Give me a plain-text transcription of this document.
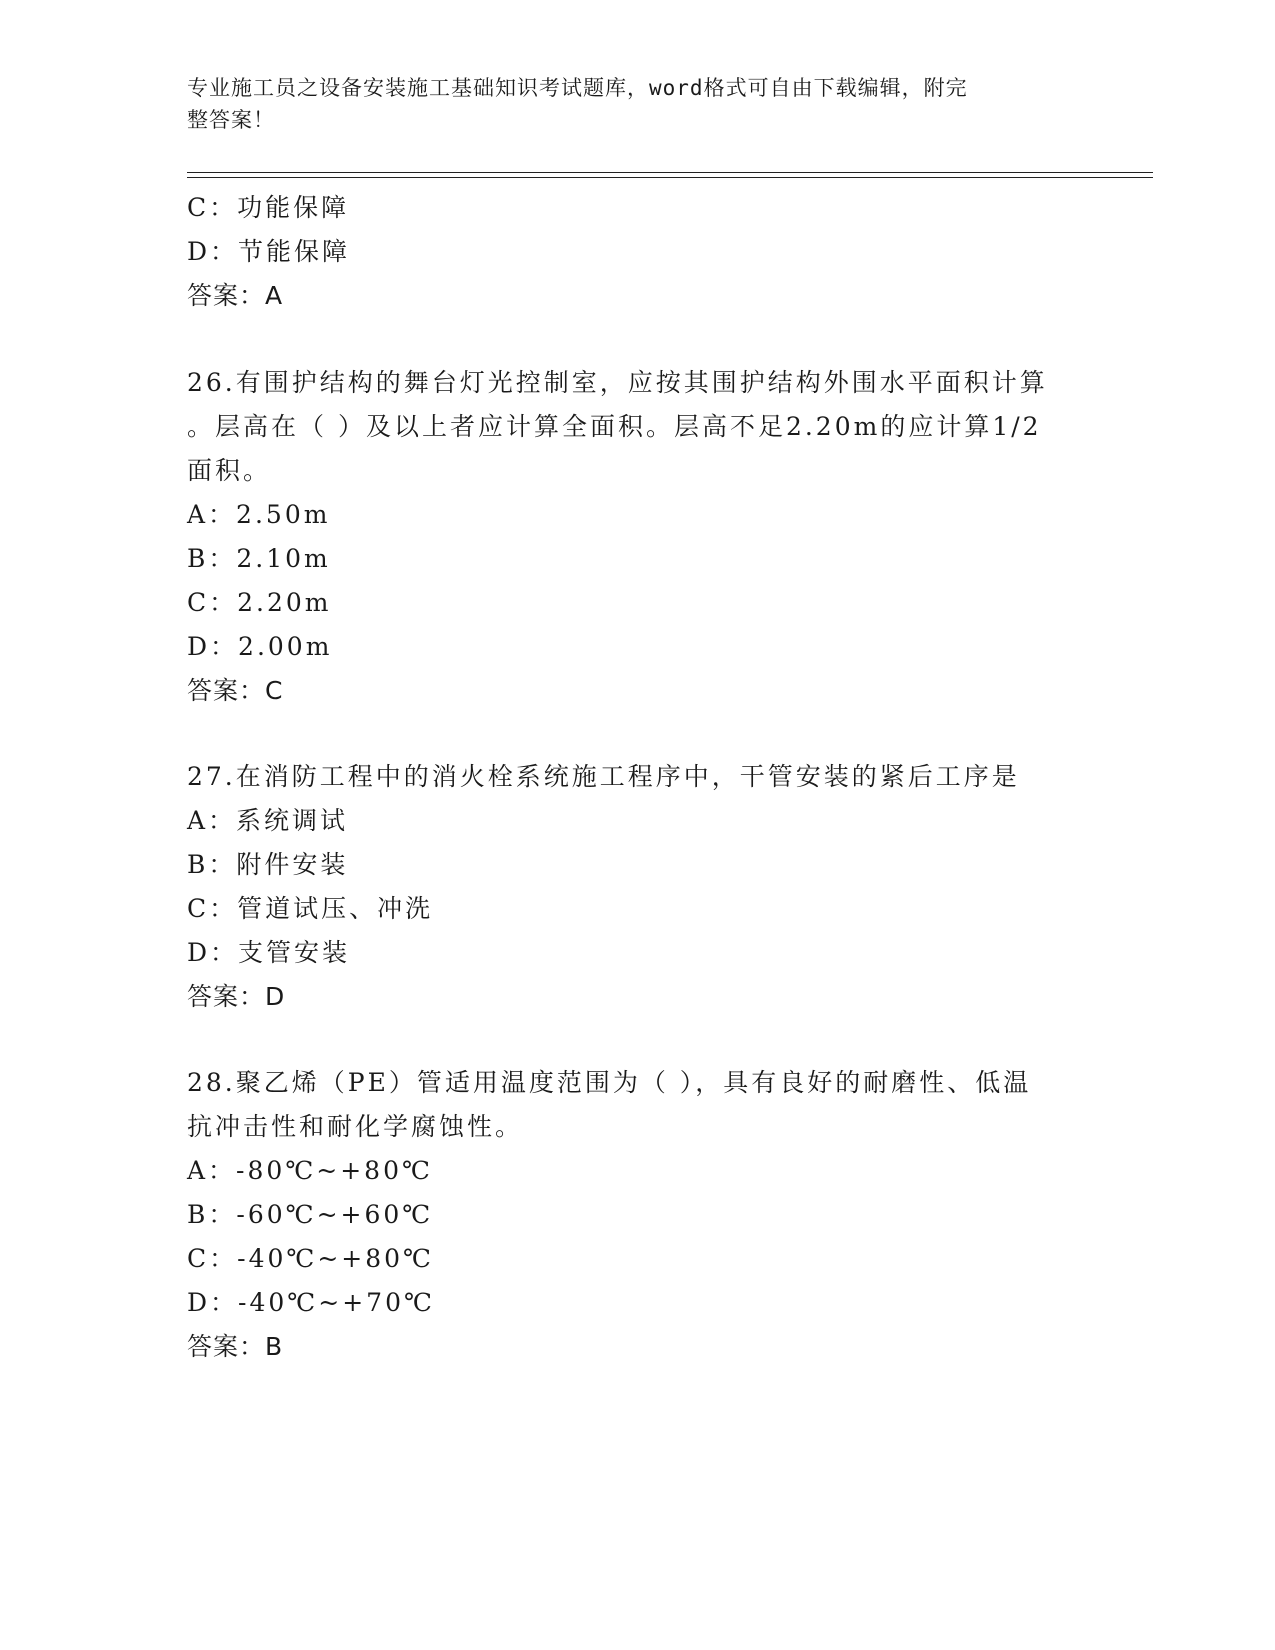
专业施工员之设备安装施工基础知识考试题库，word格式可自由下载编辑，附完
整答案！
C：功能保障
D：节能保障
答案：A
26.有围护结构的舞台灯光控制室，应按其围护结构外围水平面积计算
。层高在（ ）及以上者应计算全面积。层高不足2.20m的应计算1/2
面积。
A：2.50m
B：2.10m
C：2.20m
D：2.00m
答案：C
27.在消防工程中的消火栓系统施工程序中，干管安装的紧后工序是
A：系统调试
B：附件安装
C：管道试压、冲洗
D：支管安装
答案：D
28.聚乙烯（PE）管适用温度范围为（ ），具有良好的耐磨性、低温
抗冲击性和耐化学腐蚀性。
A：-80℃~+80℃
B：-60℃~+60℃
C：-40℃~+80℃
D：-40℃~+70℃
答案：B
